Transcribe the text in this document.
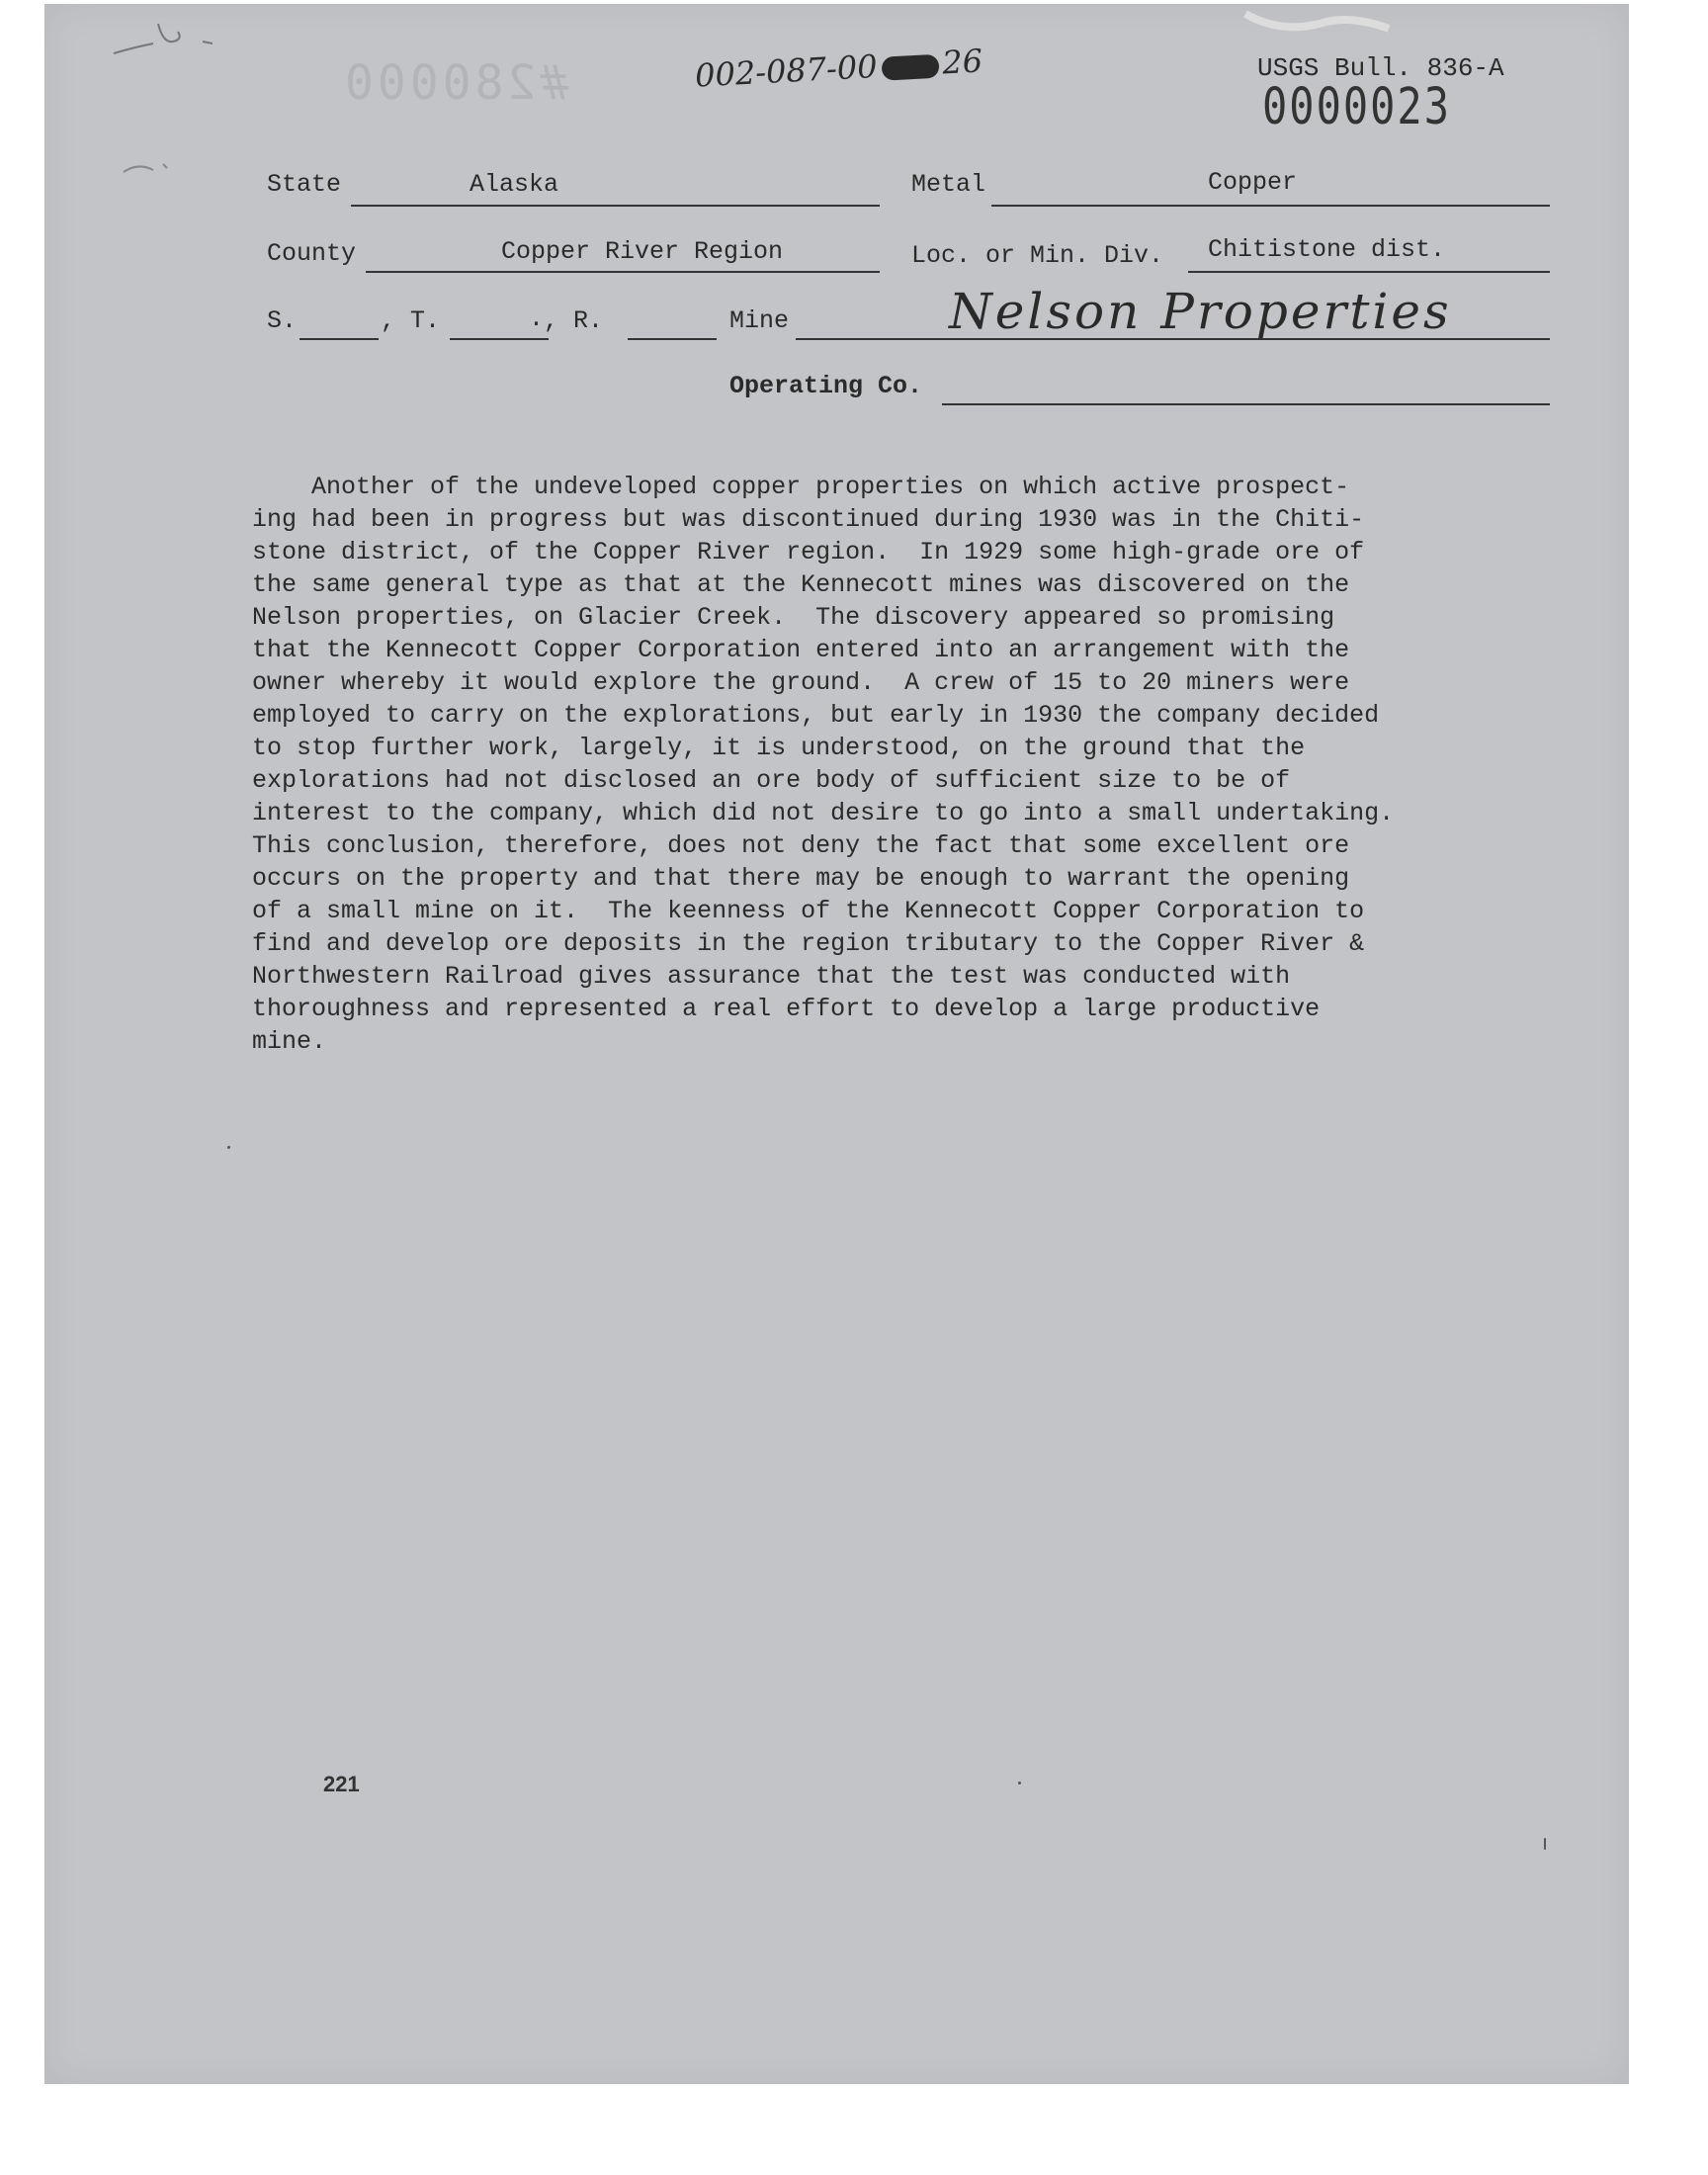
#280000	002-087-00 26	USGS Bull. 836-A
0000023
State	Alaska	Metal	Copper
County	Copper River Region	Loc. or Min. Div. Chitistone dist.
S.	, T.	. , R.	Mine	Nelson Properties
Operating Co.

Another of the undeveloped copper properties on which active prospect-

ing had been in progress but was discontinued during 1930 was in the Chiti-

stone district, of the Copper River region.  In 1929 some high-grade ore of

the same general type as that at the Kennecott mines was discovered on the

Nelson properties, on Glacier Creek.  The discovery appeared so promising

that the Kennecott Copper Corporation entered into an arrangement with the

owner whereby it would explore the ground.  A crew of 15 to 20 miners were

employed to carry on the explorations, but early in 1930 the company decided

to stop further work, largely, it is understood, on the ground that the

explorations had not disclosed an ore body of sufficient size to be of

interest to the company, which did not desire to go into a small undertaking.

This conclusion, therefore, does not deny the fact that some excellent ore

occurs on the property and that there may be enough to warrant the opening

of a small mine on it.  The keenness of the Kennecott Copper Corporation to

find and develop ore deposits in the region tributary to the Copper River &

Northwestern Railroad gives assurance that the test was conducted with

thoroughness and represented a real effort to develop a large productive

mine.

221
